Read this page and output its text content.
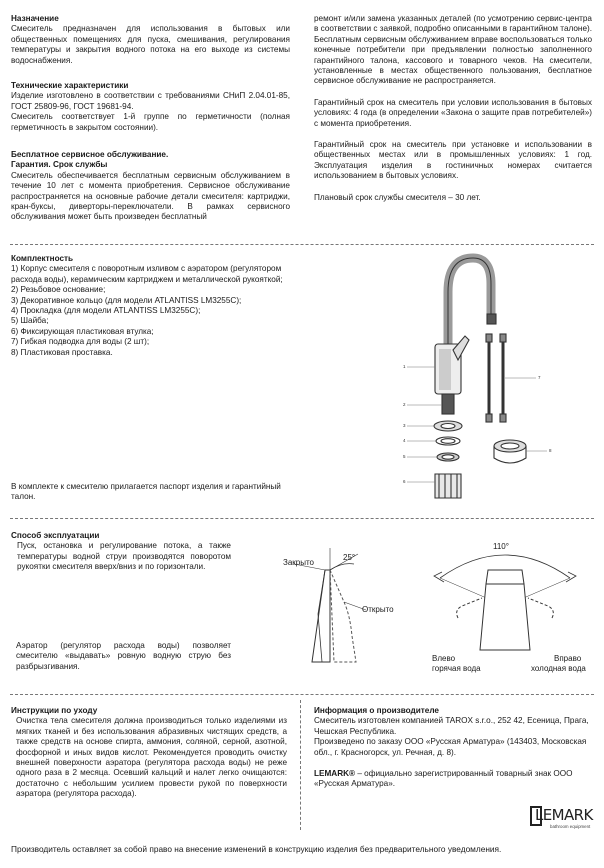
Назначение
Смеситель предназначен для использования в бытовых или общественных помещениях для пуска, смешивания, регулирования температуры и закрытия водного потока на его выходе из системы водоснабжения.
Технические характеристики
Изделие изготовлено в соответствии с требованиями СНиП 2.04.01-85, ГОСТ 25809-96, ГОСТ 19681-94.
Смеситель соответствует 1-й группе по герметичности (полная герметичность в закрытом состоянии).
Бесплатное сервисное обслуживание.
Гарантия. Срок службы
Смеситель обеспечивается бесплатным сервисным обслуживанием в течение 10 лет с момента приобретения. Сервисное обслуживание распространяется на основные рабочие детали смесителя: картриджи, кран-буксы, диверторы-переключатели. В рамках сервисного обслуживания может быть произведен бесплатный
ремонт и/или замена указанных деталей (по усмотрению сервис-центра в соответствии с заявкой, подробно описанными в гарантийном талоне). Бесплатным сервисным обслуживанием вправе воспользоваться только конечные потребители при предъявлении полностью заполненного гарантийного талона, кассового и товарного чеков. На смесители, установленные в местах общественного пользования, бесплатное сервисное обслуживание не распространяется.
Гарантийный срок на смеситель при условии использования в бытовых условиях: 4 года (в определении «Закона о защите прав потребителей») с момента приобретения.
Гарантийный срок на смеситель при установке и использовании в общественных местах или в промышленных условиях: 1 год. Эксплуатация изделия в гостиничных номерах считается использованием в бытовых условиях.
Плановый срок службы смесителя – 30 лет.
Комплектность
1) Корпус смесителя с поворотным изливом с аэратором (регулятором расхода воды), керамическим картриджем и металлической рукояткой;
2) Резьбовое основание;
3) Декоративное кольцо (для модели ATLANTISS LM3255C);
4) Прокладка (для модели ATLANTISS LM3255C);
5) Шайба;
6) Фиксирующая пластиковая втулка;
7) Гибкая подводка для воды (2 шт);
8) Пластиковая проставка.
В комплекте к смесителю прилагается паспорт изделия и гарантийный талон.
1
2
3
4
5
6
7
8
Способ эксплуатации
Пуск, остановка и регулирование потока, а также температуры водной струи производятся поворотом рукоятки смесителя вверх/вниз и по горизонтали.
Аэратор (регулятор расхода воды) позволяет смесителю «выдавать» ровную водную струю без разбрызгивания.
Закрыто
Открыто
25°
110°
Влево
горячая вода
Вправо
холодная вода
Инструкции по уходу
Очистка тела смесителя должна производиться только изделиями из мягких тканей и без использования абразивных чистящих средств, а также средств на основе спирта, аммония, соляной, серной, азотной, фосфорной и иных видов кислот. Рекомендуется проводить очистку внешней поверхности аэратора (регулятора расхода воды) не реже одного раза в 2 месяца. Осевший кальций и налет легко очищаются: достаточно с небольшим усилием провести рукой по поверхности аэратора (регулятора расхода).
Информация о производителе
Смеситель изготовлен компанией TAROX s.r.o., 252 42, Есеница, Прага, Чешская Республика.
Произведено по заказу ООО «Русская Арматура» (143403, Московская обл., г. Красногорск, ул. Речная, д. 8).
LEMARK® – официально зарегистрированный товарный знак ООО «Русская Арматура».
LEMARK
bathroom equipment
Производитель оставляет за собой право на внесение изменений в конструкцию изделия без предварительного уведомления.
